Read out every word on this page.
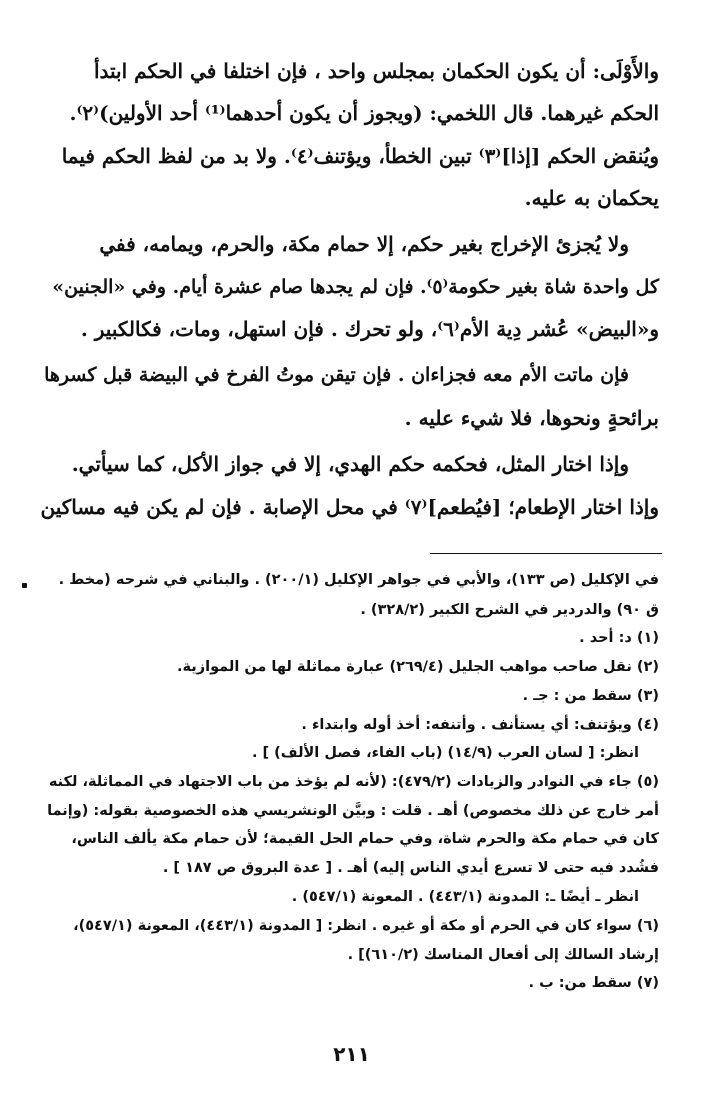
والأَوْلَى: أن يكون الحكمان بمجلس واحد ، فإن اختلفا في الحكم ابتدأ
الحكم غيرهما. قال اللخمي: (ويجوز أن يكون أحدهما⁽¹⁾ أحد الأولين)⁽٢⁾.
ويُنقض الحكم [إذا]⁽٣⁾ تبين الخطأ، ويؤتنف⁽٤⁾. ولا بد من لفظ الحكم فيما
يحكمان به عليه.
ولا يُجزئ الإخراج بغير حكم، إلا حمام مكة، والحرم، ويمامه، ففي
كل واحدة شاة بغير حكومة⁽٥⁾. فإن لم يجدها صام عشرة أيام. وفي «الجنين»
و«البيض» عُشر دِية الأم⁽٦⁾، ولو تحرك . فإن استهل، ومات، فكالكبير .
فإن ماتت الأم معه فجزاءان . فإن تيقن موتُ الفرخ في البيضة قبل كسرها
برائحةٍ ونحوها، فلا شيء عليه .
وإذا اختار المثل، فحكمه حكم الهدي، إلا في جواز الأكل، كما سيأتي.
وإذا اختار الإطعام؛ [فيُطعم]⁽٧⁾ في محل الإصابة . فإن لم يكن فيه مساكين
في الإكليل (ص ١٣٣)، والأبي في جواهر الإكليل (٢٠٠/١) . والبناني في شرحه (مخط .
ق ٩٠) والدردير في الشرح الكبير (٣٢٨/٢) .
(١) د: أحد .
(٢) نقل صاحب مواهب الجليل (٢٦٩/٤) عبارة مماثلة لها من الموازية.
(٣) سقط من : جـ .
(٤) ويؤتنف: أي يستأنف . وأتنفه: أخذ أوله وابتداء .
انظر: [ لسان العرب (١٤/٩) (باب الفاء، فصل الألف) ] .
(٥) جاء في النوادر والزيادات (٤٧٩/٢): (لأنه لم يؤخذ من باب الاجتهاد في المماثلة، لكنه
أمر خارج عن ذلك مخصوص) أهـ . قلت : وبيَّن الونشريسي هذه الخصوصية بقوله: (وإنما
كان في حمام مكة والحرم شاة، وفي حمام الحل القيمة؛ لأن حمام مكة يألف الناس،
فشُدد فيه حتى لا تسرع أيدي الناس إليه) أهـ . [ عدة البروق ص ١٨٧ ] .
انظر ـ أيضًا ـ: المدونة (٤٤٣/١) . المعونة (٥٤٧/١) .
(٦) سواء كان في الحرم أو مكة أو غيره . انظر: [ المدونة (٤٤٣/١)، المعونة (٥٤٧/١)،
إرشاد السالك إلى أفعال المناسك (٦١٠/٢)] .
(٧) سقط من: ب .
٢١١
